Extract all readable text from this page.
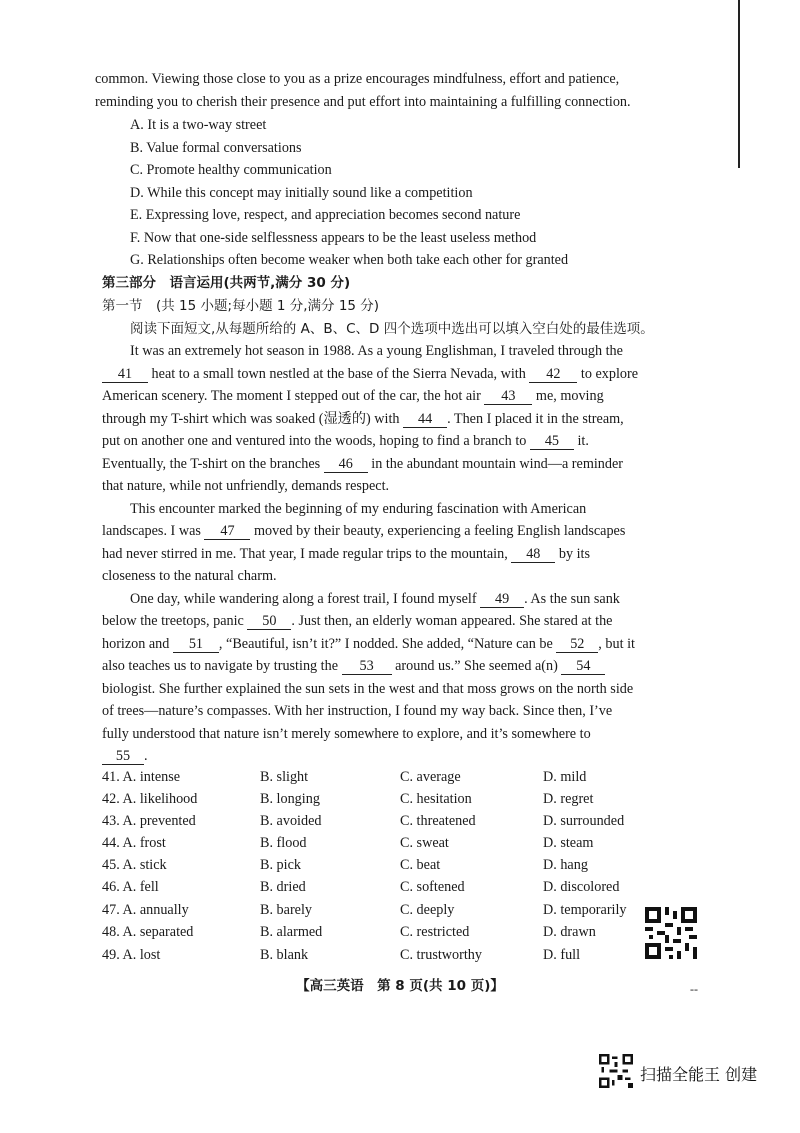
common. Viewing those close to you as a prize encourages mindfulness, effort and patience,
reminding you to cherish their presence and put effort into maintaining a fulfilling connection.
A. It is a two-way street
B. Value formal conversations
C. Promote healthy communication
D. While this concept may initially sound like a competition
E. Expressing love, respect, and appreciation becomes second nature
F. Now that one-side selflessness appears to be the least useless method
G. Relationships often become weaker when both take each other for granted
第三部分　语言运用(共两节,满分 30 分)
第一节　(共 15 小题;每小题 1 分,满分 15 分)
阅读下面短文,从每题所给的 A、B、C、D 四个选项中选出可以填入空白处的最佳选项。
It was an extremely hot season in 1988. As a young Englishman, I traveled through the
41 heat to a small town nestled at the base of the Sierra Nevada, with 42 to explore
American scenery. The moment I stepped out of the car, the hot air 43 me, moving
through my T-shirt which was soaked (湿透的) with 44 . Then I placed it in the stream,
put on another one and ventured into the woods, hoping to find a branch to 45 it.
Eventually, the T-shirt on the branches 46 in the abundant mountain wind—a reminder
that nature, while not unfriendly, demands respect.
This encounter marked the beginning of my enduring fascination with American
landscapes. I was 47 moved by their beauty, experiencing a feeling English landscapes
had never stirred in me. That year, I made regular trips to the mountain, 48 by its
closeness to the natural charm.
One day, while wandering along a forest trail, I found myself 49 . As the sun sank
below the treetops, panic 50 . Just then, an elderly woman appeared. She stared at the
horizon and 51 , “Beautiful, isn’t it?” I nodded. She added, “Nature can be 52 , but it
also teaches us to navigate by trusting the 53 around us.” She seemed a(n) 54
biologist. She further explained the sun sets in the west and that moss grows on the north side
of trees—nature’s compasses. With her instruction, I found my way back. Since then, I’ve
fully understood that nature isn’t merely somewhere to explore, and it’s somewhere to
55 .
41. A. intense	B. slight	C. average	D. mild
42. A. likelihood	B. longing	C. hesitation	D. regret
43. A. prevented	B. avoided	C. threatened	D. surrounded
44. A. frost	B. flood	C. sweat	D. steam
45. A. stick	B. pick	C. beat	D. hang
46. A. fell	B. dried	C. softened	D. discolored
47. A. annually	B. barely	C. deeply	D. temporarily
48. A. separated	B. alarmed	C. restricted	D. drawn
49. A. lost	B. blank	C. trustworthy	D. full
【高三英语　第 8 页(共 10 页)】	--
扫描全能王 创建
